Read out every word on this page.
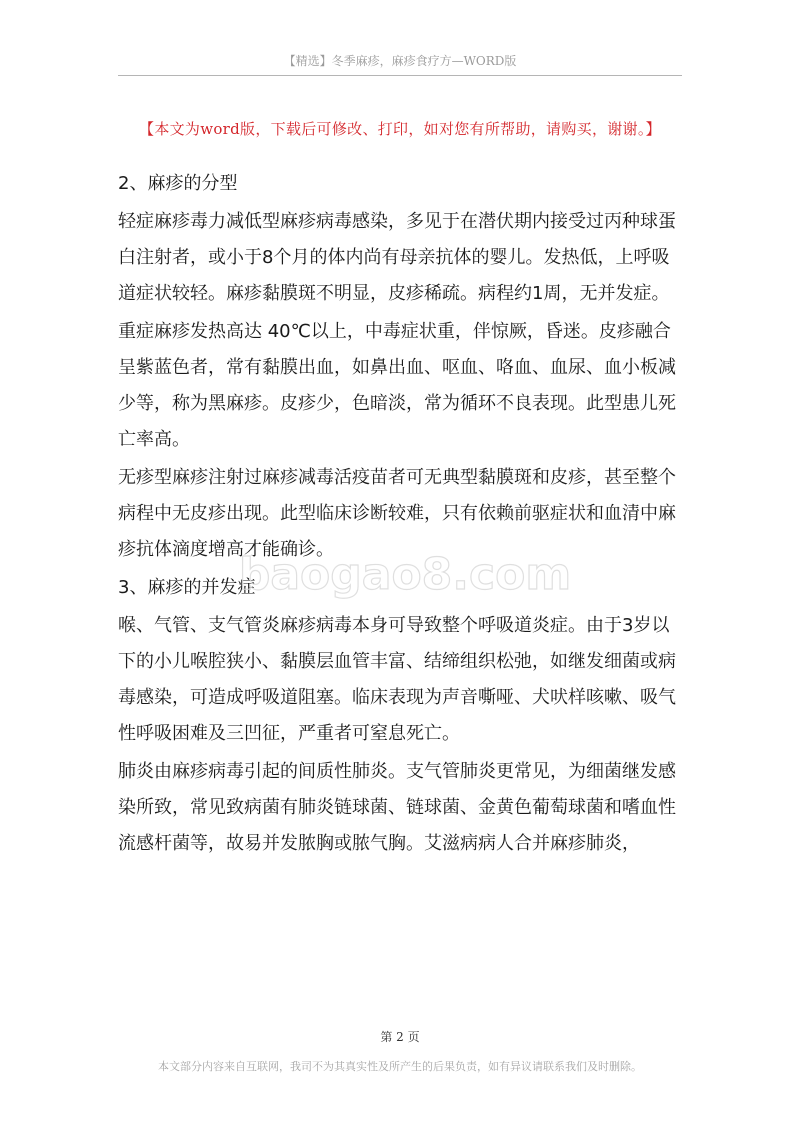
【精选】冬季麻疹，麻疹食疗方—WORD版
【本文为word版，下载后可修改、打印，如对您有所帮助，请购买，谢谢。】

2、麻疹的分型

轻症麻疹毒力减低型麻疹病毒感染，多见于在潜伏期内接受过丙种球蛋白注射者，或小于8个月的体内尚有母亲抗体的婴儿。发热低，上呼吸道症状较轻。麻疹黏膜斑不明显，皮疹稀疏。病程约1周，无并发症。

重症麻疹发热高达 40℃以上，中毒症状重，伴惊厥，昏迷。皮疹融合呈紫蓝色者，常有黏膜出血，如鼻出血、呕血、咯血、血尿、血小板减少等，称为黑麻疹。皮疹少，色暗淡，常为循环不良表现。此型患儿死亡率高。

无疹型麻疹注射过麻疹减毒活疫苗者可无典型黏膜斑和皮疹，甚至整个病程中无皮疹出现。此型临床诊断较难，只有依赖前驱症状和血清中麻疹抗体滴度增高才能确诊。

3、麻疹的并发症

喉、气管、支气管炎麻疹病毒本身可导致整个呼吸道炎症。由于3岁以下的小儿喉腔狭小、黏膜层血管丰富、结缔组织松弛，如继发细菌或病毒感染，可造成呼吸道阻塞。临床表现为声音嘶哑、犬吠样咳嗽、吸气性呼吸困难及三凹征，严重者可窒息死亡。

肺炎由麻疹病毒引起的间质性肺炎。支气管肺炎更常见，为细菌继发感染所致，常见致病菌有肺炎链球菌、链球菌、金黄色葡萄球菌和嗜血性流感杆菌等，故易并发脓胸或脓气胸。艾滋病病人合并麻疹肺炎，

baogao8.com
第 2 页
本文部分内容来自互联网，我司不为其真实性及所产生的后果负责，如有异议请联系我们及时删除。
